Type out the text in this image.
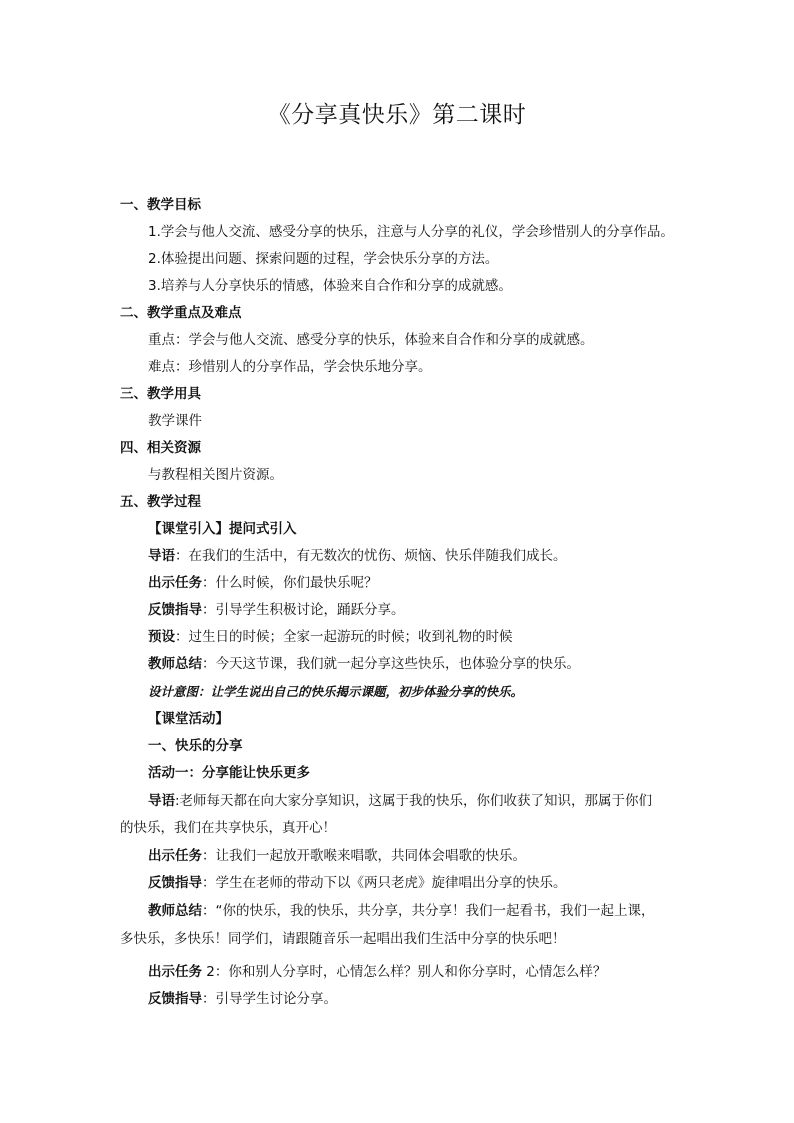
《分享真快乐》第二课时
一、教学目标
1.学会与他人交流、感受分享的快乐，注意与人分享的礼仪，学会珍惜别人的分享作品。
2.体验提出问题、探索问题的过程，学会快乐分享的方法。
3.培养与人分享快乐的情感，体验来自合作和分享的成就感。
二、教学重点及难点
重点：学会与他人交流、感受分享的快乐，体验来自合作和分享的成就感。
难点：珍惜别人的分享作品，学会快乐地分享。
三、教学用具
教学课件
四、相关资源
与教程相关图片资源。
五、教学过程
【课堂引入】提问式引入
导语：在我们的生活中，有无数次的忧伤、烦恼、快乐伴随我们成长。
出示任务：什么时候，你们最快乐呢？
反馈指导：引导学生积极讨论，踊跃分享。
预设：过生日的时候；全家一起游玩的时候；收到礼物的时候
教师总结：今天这节课，我们就一起分享这些快乐，也体验分享的快乐。
设计意图：让学生说出自己的快乐揭示课题，初步体验分享的快乐。
【课堂活动】
一、快乐的分享
活动一：分享能让快乐更多
导语:老师每天都在向大家分享知识，这属于我的快乐，你们收获了知识，那属于你们
的快乐，我们在共享快乐，真开心！
出示任务：让我们一起放开歌喉来唱歌，共同体会唱歌的快乐。
反馈指导：学生在老师的带动下以《两只老虎》旋律唱出分享的快乐。
教师总结：“你的快乐，我的快乐，共分享，共分享！我们一起看书，我们一起上课，
多快乐，多快乐！同学们，请跟随音乐一起唱出我们生活中分享的快乐吧！
出示任务 2：你和别人分享时，心情怎么样？别人和你分享时，心情怎么样？
反馈指导：引导学生讨论分享。
